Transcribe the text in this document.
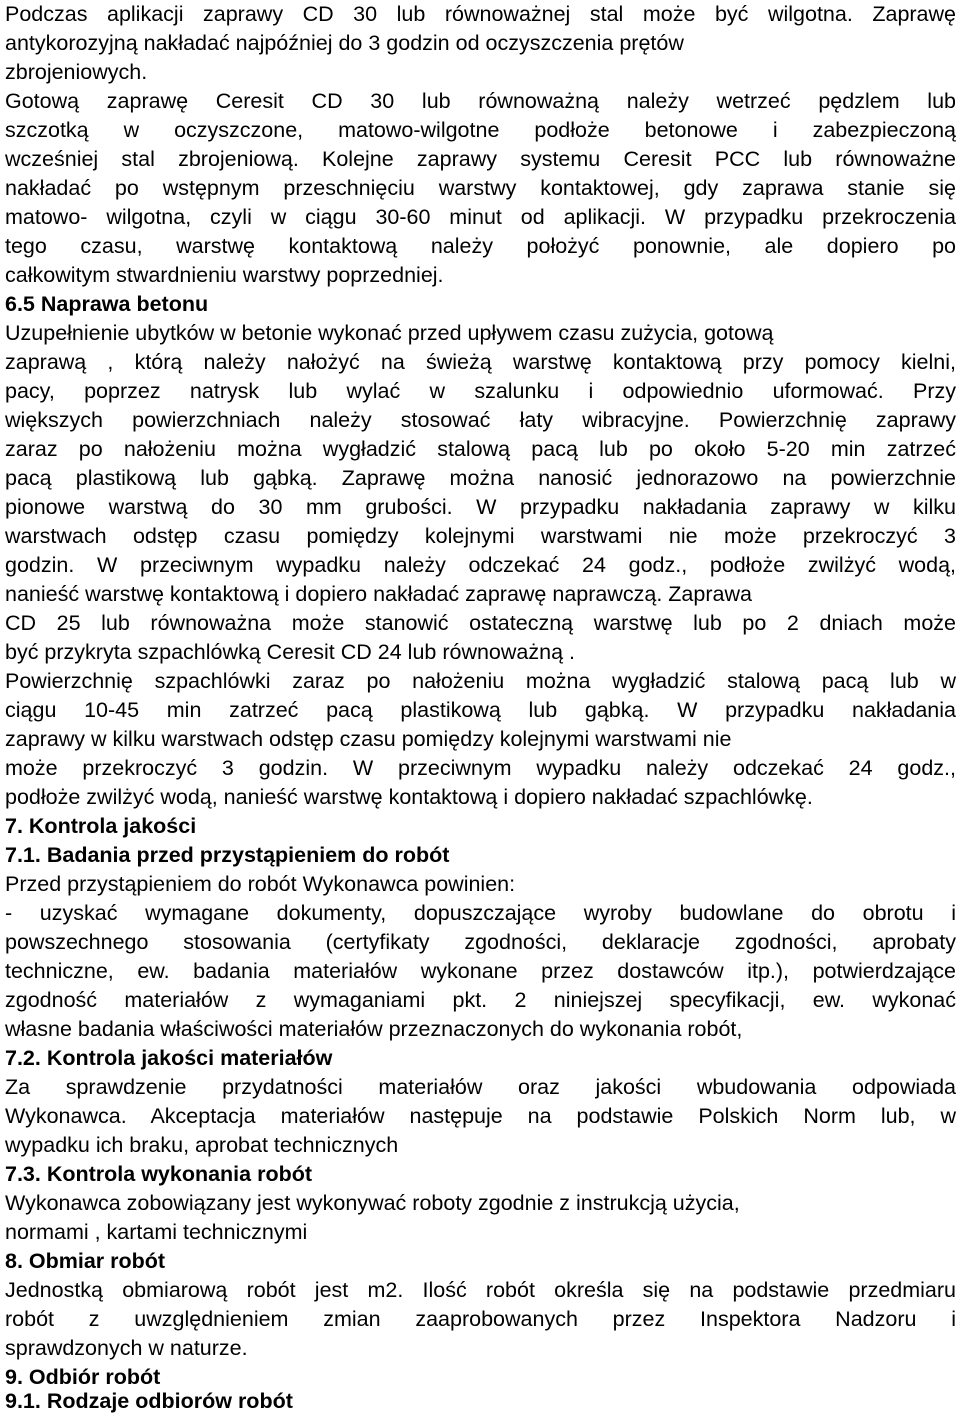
Podczas aplikacji zaprawy CD 30 lub równoważnej stal może być wilgotna. Zaprawę
antykorozyjną nakładać najpóźniej do 3 godzin od oczyszczenia prętów
zbrojeniowych.
Gotową zaprawę Ceresit CD 30 lub równoważną należy wetrzeć pędzlem lub
szczotką w oczyszczone, matowo-wilgotne podłoże betonowe i zabezpieczoną
wcześniej stal zbrojeniową. Kolejne zaprawy systemu Ceresit PCC lub równoważne
nakładać po wstępnym przeschnięciu warstwy kontaktowej, gdy zaprawa stanie się
matowo- wilgotna, czyli w ciągu 30-60 minut od aplikacji. W przypadku przekroczenia
tego czasu, warstwę kontaktową należy położyć ponownie, ale dopiero po
całkowitym stwardnieniu warstwy poprzedniej.
6.5 Naprawa betonu
Uzupełnienie ubytków w betonie wykonać przed upływem czasu zużycia, gotową
zaprawą , którą należy nałożyć na świeżą warstwę kontaktową przy pomocy kielni,
pacy, poprzez natrysk lub wylać w szalunku i odpowiednio uformować. Przy
większych powierzchniach należy stosować łaty wibracyjne. Powierzchnię zaprawy
zaraz po nałożeniu można wygładzić stalową pacą lub po około 5-20 min zatrzeć
pacą plastikową lub gąbką. Zaprawę można nanosić jednorazowo na powierzchnie
pionowe warstwą do 30 mm grubości. W przypadku nakładania zaprawy w kilku
warstwach odstęp czasu pomiędzy kolejnymi warstwami nie może przekroczyć 3
godzin. W przeciwnym wypadku należy odczekać 24 godz., podłoże zwilżyć wodą,
nanieść warstwę kontaktową i dopiero nakładać zaprawę naprawczą. Zaprawa
CD 25 lub równoważna może stanowić ostateczną warstwę lub po 2 dniach może
być przykryta szpachlówką Ceresit CD 24 lub równoważną .
Powierzchnię szpachlówki zaraz po nałożeniu można wygładzić stalową pacą lub w
ciągu 10-45 min zatrzeć pacą plastikową lub gąbką. W przypadku nakładania
zaprawy w kilku warstwach odstęp czasu pomiędzy kolejnymi warstwami nie
może przekroczyć 3 godzin. W przeciwnym wypadku należy odczekać 24 godz.,
podłoże zwilżyć wodą, nanieść warstwę kontaktową i dopiero nakładać szpachlówkę.
7. Kontrola jakości
7.1. Badania przed przystąpieniem do robót
Przed przystąpieniem do robót Wykonawca powinien:
- uzyskać wymagane dokumenty, dopuszczające wyroby budowlane do obrotu i
powszechnego stosowania (certyfikaty zgodności, deklaracje zgodności, aprobaty
techniczne, ew. badania materiałów wykonane przez dostawców itp.), potwierdzające
zgodność materiałów z wymaganiami pkt. 2 niniejszej specyfikacji, ew. wykonać
własne badania właściwości materiałów przeznaczonych do wykonania robót,
7.2. Kontrola jakości materiałów
Za sprawdzenie przydatności materiałów oraz jakości wbudowania odpowiada
Wykonawca. Akceptacja materiałów następuje na podstawie Polskich Norm lub, w
wypadku ich braku, aprobat technicznych
7.3. Kontrola wykonania robót
Wykonawca zobowiązany jest wykonywać roboty zgodnie z instrukcją użycia,
normami , kartami technicznymi
8. Obmiar robót
Jednostką obmiarową robót jest m2. Ilość robót określa się na podstawie przedmiaru
robót z uwzględnieniem zmian zaaprobowanych przez Inspektora Nadzoru i
sprawdzonych w naturze.
9. Odbiór robót
9.1. Rodzaje odbiorów robót
